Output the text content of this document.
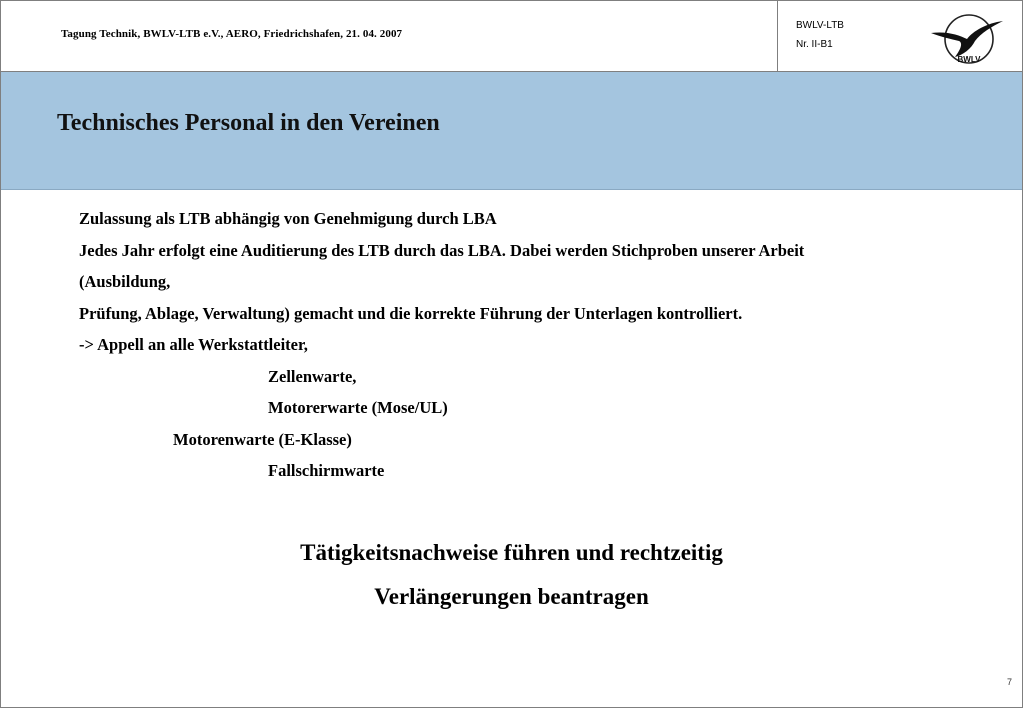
Tagung Technik, BWLV-LTB e.V., AERO, Friedrichshafen, 21. 04. 2007
BWLV-LTB
Nr. II-B1
BWLV
Technisches Personal in den Vereinen
Zulassung als LTB abhängig von Genehmigung durch LBA
Jedes Jahr erfolgt eine Auditierung des LTB durch das LBA. Dabei werden Stichproben unserer Arbeit
(Ausbildung,
Prüfung, Ablage, Verwaltung) gemacht und die korrekte Führung der Unterlagen kontrolliert.
-> Appell an alle Werkstattleiter,
Zellenwarte,
Motorerwarte (Mose/UL)
Motorenwarte (E-Klasse)
Fallschirmwarte
Tätigkeitsnachweise führen und rechtzeitig
Verlängerungen beantragen
7
